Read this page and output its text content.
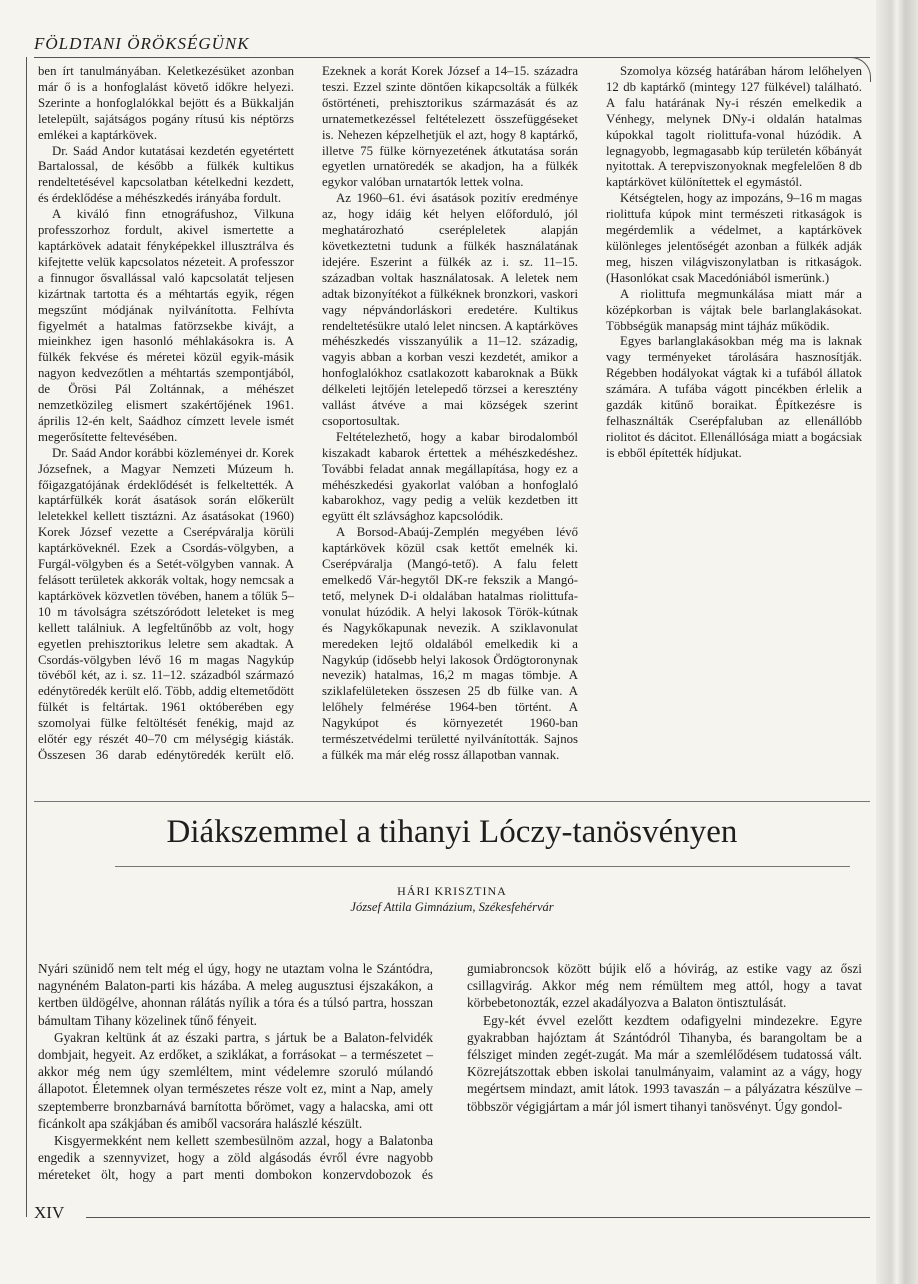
FÖLDTANI ÖRÖKSÉGÜNK

ben írt tanulmányában. Keletkezésüket azonban már ő is a honfoglalást követő időkre helyezi. Szerinte a honfoglalókkal bejött és a Bükkalján letelepült, sajátságos pogány rítusú kis néptörzs emlékei a kaptárkövek.

Dr. Saád Andor kutatásai kezdetén egyetértett Bartalossal, de később a fülkék kultikus rendeltetésével kapcsolatban kételkedni kezdett, és érdeklődése a méhészkedés irányába fordult.

A kiváló finn etnográfushoz, Vilkuna professzorhoz fordult, akivel ismertette a kaptárkövek adatait fényképekkel illusztrálva és kifejtette velük kapcsolatos nézeteit. A professzor a finnugor ősvallással való kapcsolatát teljesen kizártnak tartotta és a méhtartás egyik, régen megszűnt módjának nyilvánította. Felhívta figyelmét a hatalmas fatörzsekbe kivájt, a mieinkhez igen hasonló méhlakásokra is. A fülkék fekvése és méretei közül egyik-másik nagyon kedvezőtlen a méhtartás szempontjából, de Örösi Pál Zoltánnak, a méhészet nemzetközileg elismert szakértőjének 1961. április 12-én kelt, Saádhoz címzett levele ismét megerősítette feltevésében.

Dr. Saád Andor korábbi közleményei dr. Korek Józsefnek, a Magyar Nemzeti Múzeum h. főigazgatójának érdeklődését is felkeltették. A kaptárfülkék korát ásatások során előkerült leletekkel kellett tisztázni. Az ásatásokat (1960) Korek József vezette a Cserépváralja körüli kaptárköveknél. Ezek a Csordás-völgyben, a Furgál-völgyben és a Setét-völgyben vannak. A felásott területek akkorák voltak, hogy nemcsak a kaptárkövek közvetlen tövében, hanem a tőlük 5–10 m távolságra szétszóródott leleteket is meg kellett találniuk. A legfeltűnőbb az volt, hogy egyetlen prehisztorikus leletre sem akadtak. A Csordás-völgyben lévő 16 m magas Nagykúp tövéből két, az i. sz. 11–12. századból származó edénytöredék került elő. Több, addig eltemetődött fülkét is feltártak. 1961 októberében egy szomolyai fülke feltöltését fenékig, majd az előtér egy részét 40–70 cm mélységig kiásták. Összesen 36 darab edénytöredék került elő. Ezeknek a korát Korek József a 14–15. századra teszi. Ezzel szinte döntően kikapcsolták a fülkék őstörténeti, prehisztorikus származását és az urnatemetkezéssel feltételezett összefüggéseket is. Nehezen képzelhetjük el azt, hogy 8 kaptárkő, illetve 75 fülke környezetének átkutatása során egyetlen urnatöredék se akadjon, ha a fülkék egykor valóban urnatartók lettek volna.

Az 1960–61. évi ásatások pozitív eredménye az, hogy idáig két helyen előforduló, jól meghatározható cserépleletek alapján következtetni tudunk a fülkék használatának idejére. Eszerint a fülkék az i. sz. 11–15. században voltak használatosak. A leletek nem adtak bizonyítékot a fülkéknek bronzkori, vaskori vagy népvándorláskori eredetére. Kultikus rendeltetésükre utaló lelet nincsen. A kaptárköves méhészkedés visszanyúlik a 11–12. századig, vagyis abban a korban veszi kezdetét, amikor a honfoglalókhoz csatlakozott kabaroknak a Bükk délkeleti lejtőjén letelepedő törzsei a keresztény vallást átvéve a mai községek szerint csoportosultak.

Feltételezhető, hogy a kabar birodalomból kiszakadt kabarok értettek a méhészkedéshez. További feladat annak megállapítása, hogy ez a méhészkedési gyakorlat valóban a honfoglaló kabarokhoz, vagy pedig a velük kezdetben itt együtt élt szlávsághoz kapcsolódik.

A Borsod-Abaúj-Zemplén megyében lévő kaptárkövek közül csak kettőt emelnék ki. Cserépváralja (Mangó-tető). A falu felett emelkedő Vár-hegytől DK-re fekszik a Mangó-tető, melynek D-i oldalában hatalmas riolittufa-vonulat húzódik. A helyi lakosok Török-kútnak és Nagykőkapunak nevezik. A sziklavonulat meredeken lejtő oldalából emelkedik ki a Nagykúp (idősebb helyi lakosok Ördögtoronynak nevezik) hatalmas, 16,2 m magas tömbje. A sziklafelületeken összesen 25 db fülke van. A lelőhely felmérése 1964-ben történt. A Nagykúpot és környezetét 1960-ban természetvédelmi területté nyilvánították. Sajnos a fülkék ma már elég rossz állapotban vannak.

Szomolya község határában három lelőhelyen 12 db kaptárkő (mintegy 127 fülkével) található. A falu határának Ny-i részén emelkedik a Vénhegy, melynek DNy-i oldalán hatalmas kúpokkal tagolt riolittufa-vonal húzódik. A legnagyobb, legmagasabb kúp területén kőbányát nyitottak. A terepviszonyoknak megfelelően 8 db kaptárkövet különítettek el egymástól.

Kétségtelen, hogy az impozáns, 9–16 m magas riolittufa kúpok mint természeti ritkaságok is megérdemlik a védelmet, a kaptárkövek különleges jelentőségét azonban a fülkék adják meg, hiszen világviszonylatban is ritkaságok. (Hasonlókat csak Macedóniából ismerünk.)

A riolittufa megmunkálása miatt már a középkorban is vájtak bele barlanglakásokat. Többségük manapság mint tájház működik.

Egyes barlanglakásokban még ma is laknak vagy terményeket tárolására hasznosítják. Régebben hodályokat vágtak ki a tufából állatok számára. A tufába vágott pincékben érlelik a gazdák kitűnő boraikat. Építkezésre is felhasználták Cserépfaluban az ellenállóbb riolitot és dácitot. Ellenállósága miatt a bogácsiak is ebből építették hídjukat.

Diákszemmel a tihanyi Lóczy-tanösvényen
HÁRI KRISZTINA
József Attila Gimnázium, Székesfehérvár

Nyári szünidő nem telt még el úgy, hogy ne utaztam volna le Szántódra, nagynéném Balaton-parti kis házába. A meleg augusztusi éjszakákon, a kertben üldögélve, ahonnan rálátás nyílik a tóra és a túlsó partra, hosszan bámultam Tihany közelinek tűnő fényeit.

Gyakran keltünk át az északi partra, s jártuk be a Balaton-felvidék dombjait, hegyeit. Az erdőket, a sziklákat, a forrásokat – a természetet – akkor még nem úgy szemléltem, mint védelemre szoruló múlandó állapotot. Életemnek olyan természetes része volt ez, mint a Nap, amely szeptemberre bronzbarnává barnította bőrömet, vagy a halacska, ami ott ficánkolt apa szákjában és amiből vacsorára halászlé készült.

Kisgyermekként nem kellett szembesülnöm azzal, hogy a Balatonba engedik a szennyvizet, hogy a zöld algásodás évről évre nagyobb méreteket ölt, hogy a part menti dombokon konzervdobozok és gumiabroncsok között bújik elő a hóvirág, az estike vagy az őszi csillagvirág. Akkor még nem rémültem meg attól, hogy a tavat körbebetonozták, ezzel akadályozva a Balaton öntisztulását.

Egy-két évvel ezelőtt kezdtem odafigyelni mindezekre. Egyre gyakrabban hajóztam át Szántódról Tihanyba, és barangoltam be a félsziget minden zegét-zugát. Ma már a szemlélődésem tudatossá vált. Közrejátszottak ebben iskolai tanulmányaim, valamint az a vágy, hogy megértsem mindazt, amit látok. 1993 tavaszán – a pályázatra készülve – többször végigjártam a már jól ismert tihanyi tanösvényt. Úgy gondol-

XIV
